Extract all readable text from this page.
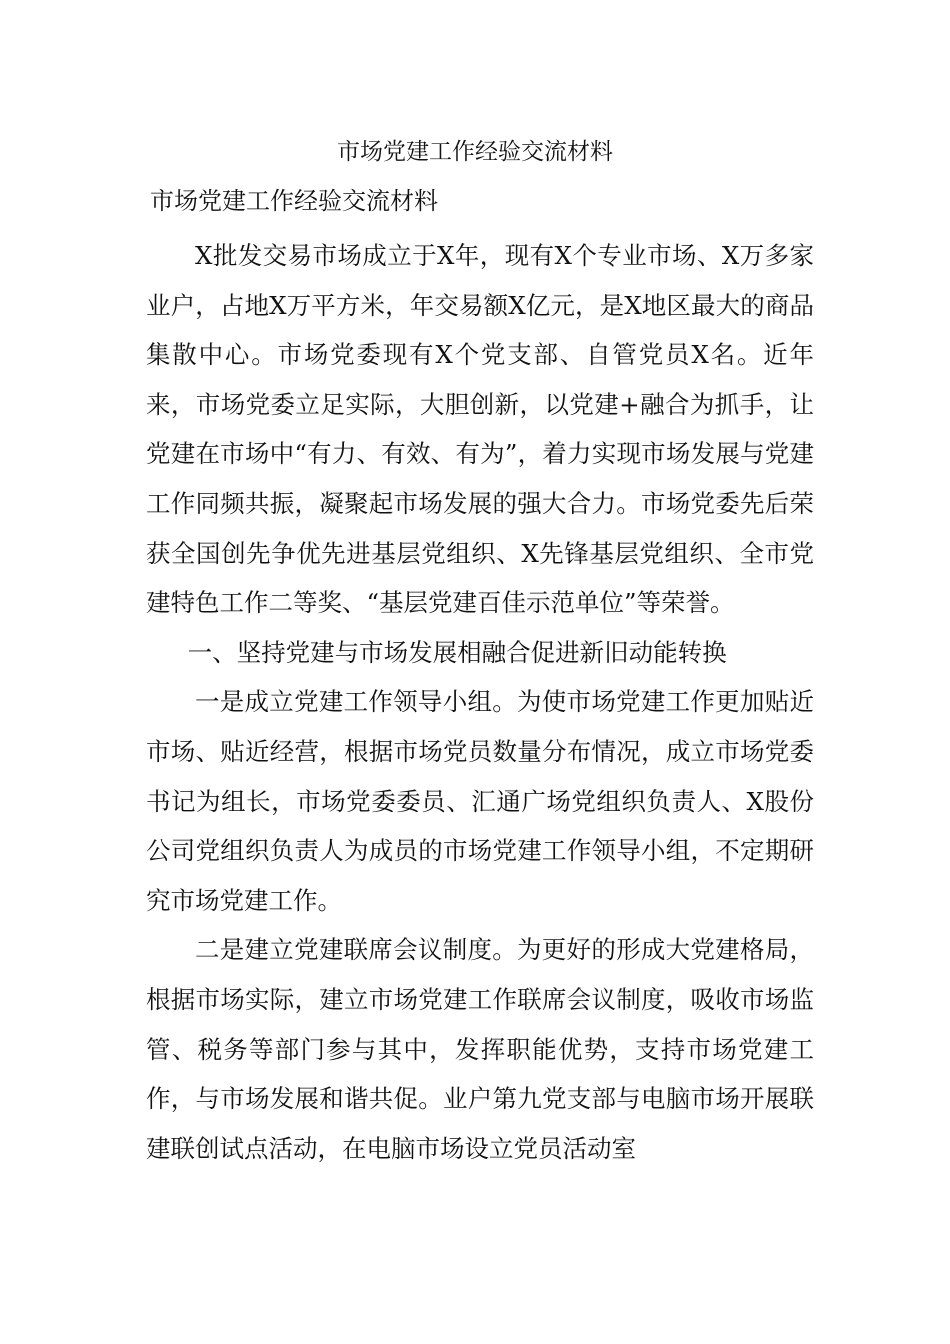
市场党建工作经验交流材料
市场党建工作经验交流材料

X批发交易市场成立于X年，现有X个专业市场、X万多家业户，占地X万平方米，年交易额X亿元，是X地区最大的商品集散中心。市场党委现有X个党支部、自管党员X名。近年来，市场党委立足实际，大胆创新，以党建+融合为抓手，让党建在市场中“有力、有效、有为”，着力实现市场发展与党建工作同频共振，凝聚起市场发展的强大合力。市场党委先后荣获全国创先争优先进基层党组织、X先锋基层党组织、全市党建特色工作二等奖、“基层党建百佳示范单位”等荣誉。

一、坚持党建与市场发展相融合促进新旧动能转换

一是成立党建工作领导小组。为使市场党建工作更加贴近市场、贴近经营，根据市场党员数量分布情况，成立市场党委书记为组长，市场党委委员、汇通广场党组织负责人、X股份公司党组织负责人为成员的市场党建工作领导小组，不定期研究市场党建工作。

二是建立党建联席会议制度。为更好的形成大党建格局，根据市场实际，建立市场党建工作联席会议制度，吸收市场监管、税务等部门参与其中，发挥职能优势，支持市场党建工作，与市场发展和谐共促。业户第九党支部与电脑市场开展联建联创试点活动，在电脑市场设立党员活动室
